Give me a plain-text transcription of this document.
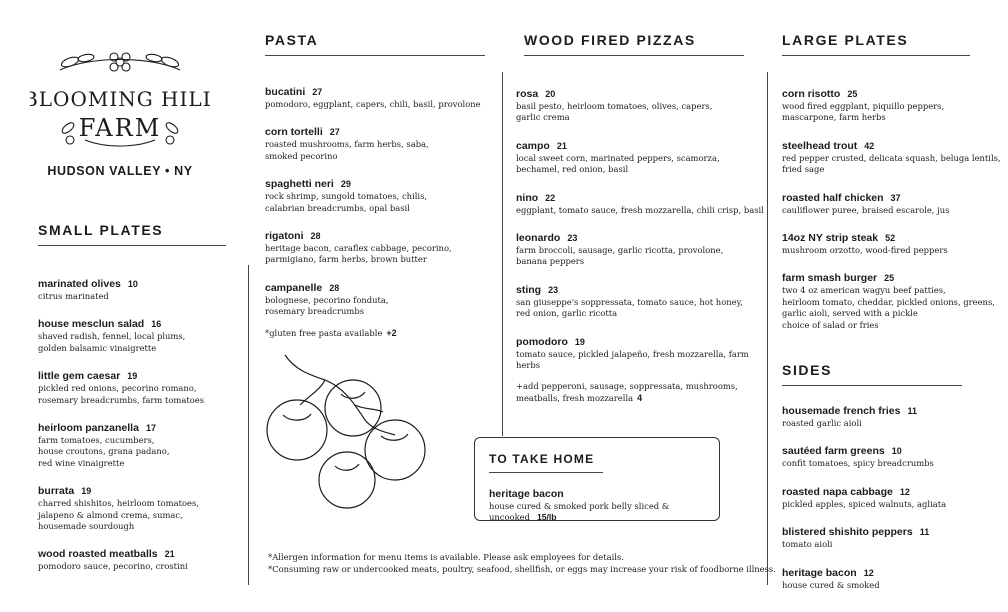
BLOOMING HILL
FARM
HUDSON VALLEY • NY
SMALL PLATES
marinated olives 10
citrus marinated
house mesclun salad 16
shaved radish, fennel, local plums,
golden balsamic vinaigrette
little gem caesar 19
pickled red onions, pecorino romano,
rosemary breadcrumbs, farm tomatoes
heirloom panzanella 17
farm tomatoes, cucumbers,
house croutons, grana padano,
red wine vinaigrette
burrata 19
charred shishitos, heirloom tomatoes,
jalapeno & almond crema, sumac,
housemade sourdough
wood roasted meatballs 21
pomodoro sauce, pecorino, crostini
PASTA
bucatini 27
pomodoro, eggplant, capers, chili, basil, provolone
corn tortelli 27
roasted mushrooms, farm herbs, saba,
smoked pecorino
spaghetti neri 29
rock shrimp, sungold tomatoes, chilis,
calabrian breadcrumbs, opal basil
rigatoni 28
heritage bacon, caraflex cabbage, pecorino,
parmigiano, farm herbs, brown butter
campanelle 28
bolognese, pecorino fonduta,
rosemary breadcrumbs
*gluten free pasta available +2
WOOD FIRED PIZZAS
rosa 20
basil pesto, heirloom tomatoes, olives, capers,
garlic crema
campo 21
local sweet corn, marinated peppers, scamorza,
bechamel, red onion, basil
nino 22
eggplant, tomato sauce, fresh mozzarella, chili crisp, basil
leonardo 23
farm broccoli, sausage, garlic ricotta, provolone,
banana peppers
sting 23
san giuseppe's soppressata, tomato sauce, hot honey,
red onion, garlic ricotta
pomodoro 19
tomato sauce, pickled jalapeño, fresh mozzarella, farm herbs
+add pepperoni, sausage, soppressata, mushrooms,
meatballs, fresh mozzarella 4
TO TAKE HOME
heritage bacon
house cured & smoked pork belly sliced & uncooked 15/lb
LARGE PLATES
corn risotto 25
wood fired eggplant, piquillo peppers,
mascarpone, farm herbs
steelhead trout 42
red pepper crusted, delicata squash, beluga lentils,
fried sage
roasted half chicken 37
cauliflower puree, braised escarole, jus
14oz NY strip steak 52
mushroom orzotto, wood-fired peppers
farm smash burger 25
two 4 oz american wagyu beef patties,
heirloom tomato, cheddar, pickled onions, greens,
garlic aioli, served with a pickle
choice of salad or fries
SIDES
housemade french fries 11
roasted garlic aioli
sautéed farm greens 10
confit tomatoes, spicy breadcrumbs
roasted napa cabbage 12
pickled apples, spiced walnuts, agliata
blistered shishito peppers 11
tomato aioli
heritage bacon 12
house cured & smoked
*Allergen information for menu items is available. Please ask employees for details.
*Consuming raw or undercooked meats, poultry, seafood, shellfish, or eggs may increase your risk of foodborne illness.
